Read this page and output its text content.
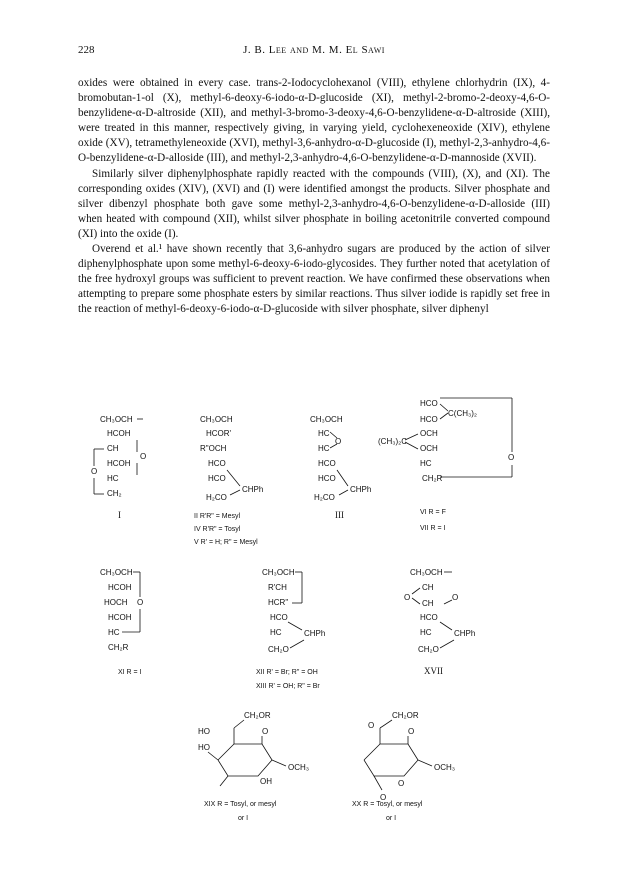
228	J. B. Lee and M. M. El Sawi

oxides were obtained in every case. trans-2-Iodocyclohexanol (VIII), ethylene chlorhydrin (IX), 4-bromobutan-1-ol (X), methyl-6-deoxy-6-iodo-α-D-glucoside (XI), methyl-2-bromo-2-deoxy-4,6-O-benzylidene-α-D-altroside (XII), and methyl-3-bromo-3-deoxy-4,6-O-benzylidene-α-D-altroside (XIII), were treated in this manner, respectively giving, in varying yield, cyclohexeneoxide (XIV), ethylene oxide (XV), tetramethyleneoxide (XVI), methyl-3,6-anhydro-α-D-glucoside (I), methyl-2,3-anhydro-4,6-O-benzylidene-α-D-alloside (III), and methyl-2,3-anhydro-4,6-O-benzylidene-α-D-mannoside (XVII).

Similarly silver diphenylphosphate rapidly reacted with the compounds (VIII), (X), and (XI). The corresponding oxides (XIV), (XVI) and (I) were identified amongst the products. Silver phosphate and silver dibenzyl phosphate both gave some methyl-2,3-anhydro-4,6-O-benzylidene-α-D-alloside (III) when heated with compound (XII), whilst silver phosphate in boiling acetonitrile converted compound (XI) into the oxide (I).

Overend et al.¹ have shown recently that 3,6-anhydro sugars are produced by the action of silver diphenylphosphate upon some methyl-6-deoxy-6-iodo-glycosides. They further noted that acetylation of the free hydroxyl groups was sufficient to prevent reaction. We have confirmed these observations when attempting to prepare some phosphate esters by similar reactions. Thus silver iodide is rapidly set free in the reaction of methyl-6-deoxy-6-iodo-α-D-glucoside with silver phosphate, silver diphenyl

CH₃OCH
HCOH
CH
HCOH
HC
CH₂
O
O
I
CH₃OCH
HCOR'
R"OCH
HCO
HCO
H₂CO
CHPh
II R'R" = Mesyl
IV R'R" = Tosyl
V R' = H; R" = Mesyl
CH₃OCH
HC
O
HC
HCO
HCO
H₂CO
CHPh
III
HCO
C(CH₃)₂
HCO
OCH
(CH₃)₂C
OCH
HC
CH₂R
O
VI R = F
VII R = I
CH₃OCH
HCOH
HOCH
HCOH
HC
CH₂R
O
XI R = I
CH₃OCH
R'CH
HCR"
HCO
HC
CH₂O
CHPh
XII R' = Br; R" = OH
XIII R' = OH; R" = Br
CH₃OCH
CH
O
CH
HCO
HC
CH₂O
CHPh
O
XVII
HO
HO
CH₂OR
O
OH
OCH₃
XIX R = Tosyl, or mesyl
or I
CH₂OR
O
O
OCH₃
O
O
XX R = Tosyl, or mesyl
or I
